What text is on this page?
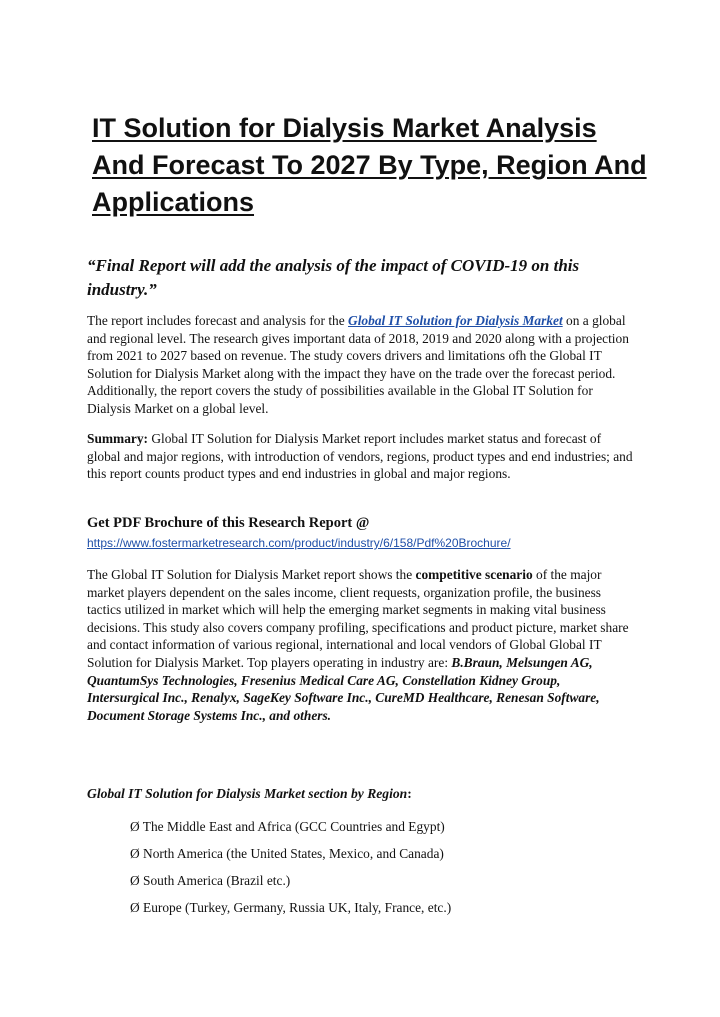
IT Solution for Dialysis Market Analysis And Forecast To 2027 By Type, Region And Applications

“Final Report will add the analysis of the impact of COVID-19 on this industry.”

The report includes forecast and analysis for the Global IT Solution for Dialysis Market on a global and regional level. The research gives important data of 2018, 2019 and 2020 along with a projection from 2021 to 2027 based on revenue. The study covers drivers and limitations ofh the Global IT Solution for Dialysis Market along with the impact they have on the trade over the forecast period. Additionally, the report covers the study of possibilities available in the Global IT Solution for Dialysis Market on a global level.

Summary: Global IT Solution for Dialysis Market report includes market status and forecast of global and major regions, with introduction of vendors, regions, product types and end industries; and this report counts product types and end industries in global and major regions.

Get PDF Brochure of this Research Report @

https://www.fostermarketresearch.com/product/industry/6/158/Pdf%20Brochure/

The Global IT Solution for Dialysis Market report shows the competitive scenario of the major market players dependent on the sales income, client requests, organization profile, the business tactics utilized in market which will help the emerging market segments in making vital business decisions. This study also covers company profiling, specifications and product picture, market share and contact information of various regional, international and local vendors of Global Global IT Solution for Dialysis Market. Top players operating in industry are: B.Braun, Melsungen AG, QuantumSys Technologies, Fresenius Medical Care AG, Constellation Kidney Group, Intersurgical Inc., Renalyx, SageKey Software Inc., CureMD Healthcare, Renesan Software, Document Storage Systems Inc., and others.

Global IT Solution for Dialysis Market section by Region:

Ø The Middle East and Africa (GCC Countries and Egypt)

Ø North America (the United States, Mexico, and Canada)

Ø South America (Brazil etc.)

Ø Europe (Turkey, Germany, Russia UK, Italy, France, etc.)
